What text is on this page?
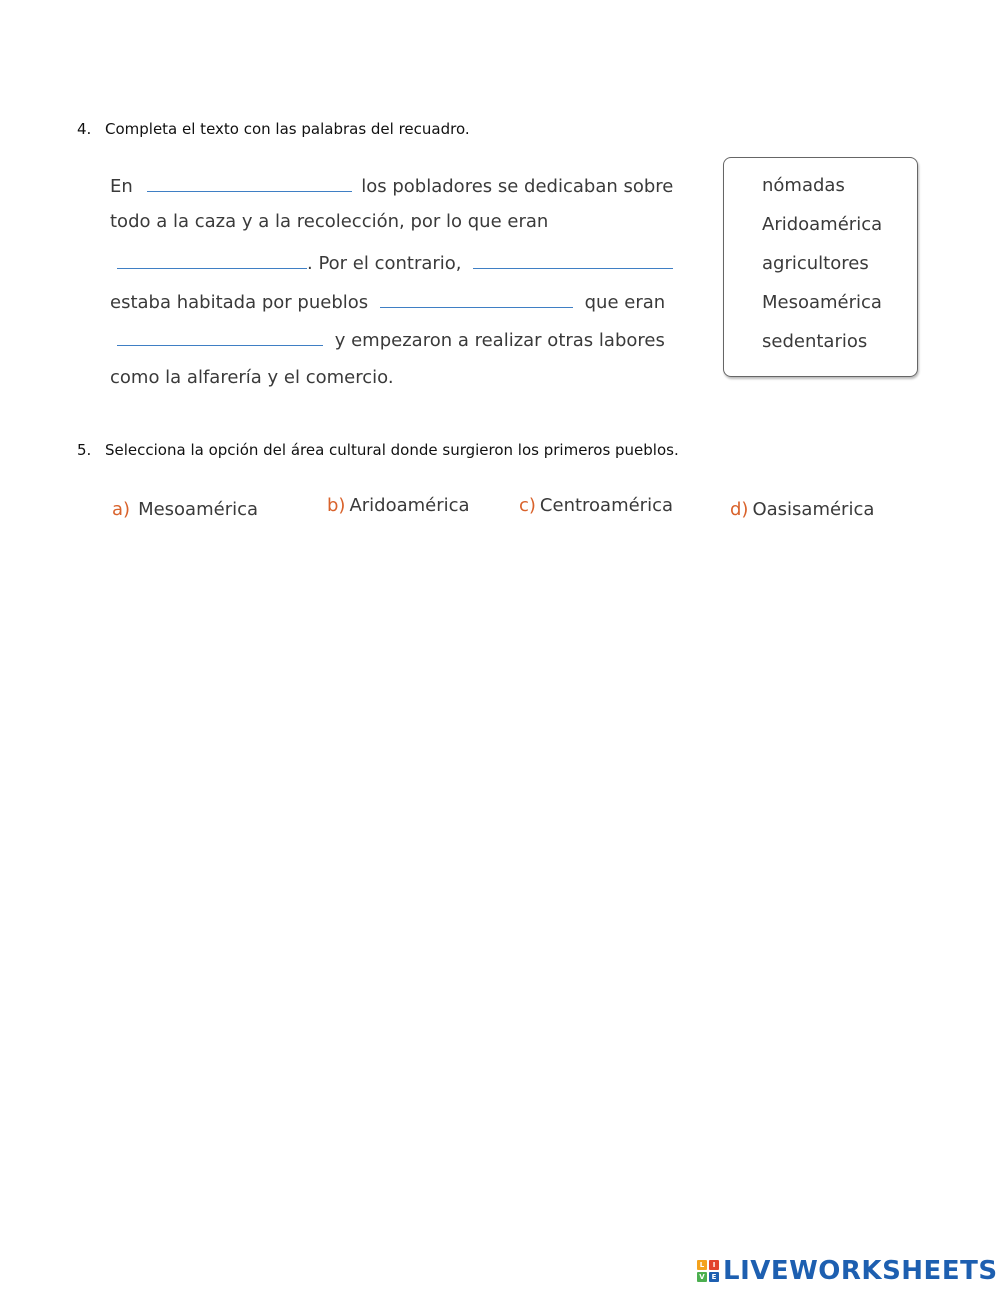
4. Completa el texto con las palabras del recuadro.
En	los pobladores se dedicaban sobre
todo a la caza y a la recolección, por lo que eran
. Por el contrario,
estaba habitada por pueblos	que eran
y empezaron a realizar otras labores
como la alfarería y el comercio.
nómadas
Aridoamérica
agricultores
Mesoamérica
sedentarios
5. Selecciona la opción del área cultural donde surgieron los primeros pueblos.
a) Mesoamérica	b) Aridoamérica	c) Centroamérica	d) Oasisamérica
L	I
V E LIVEWORKSHEETS
